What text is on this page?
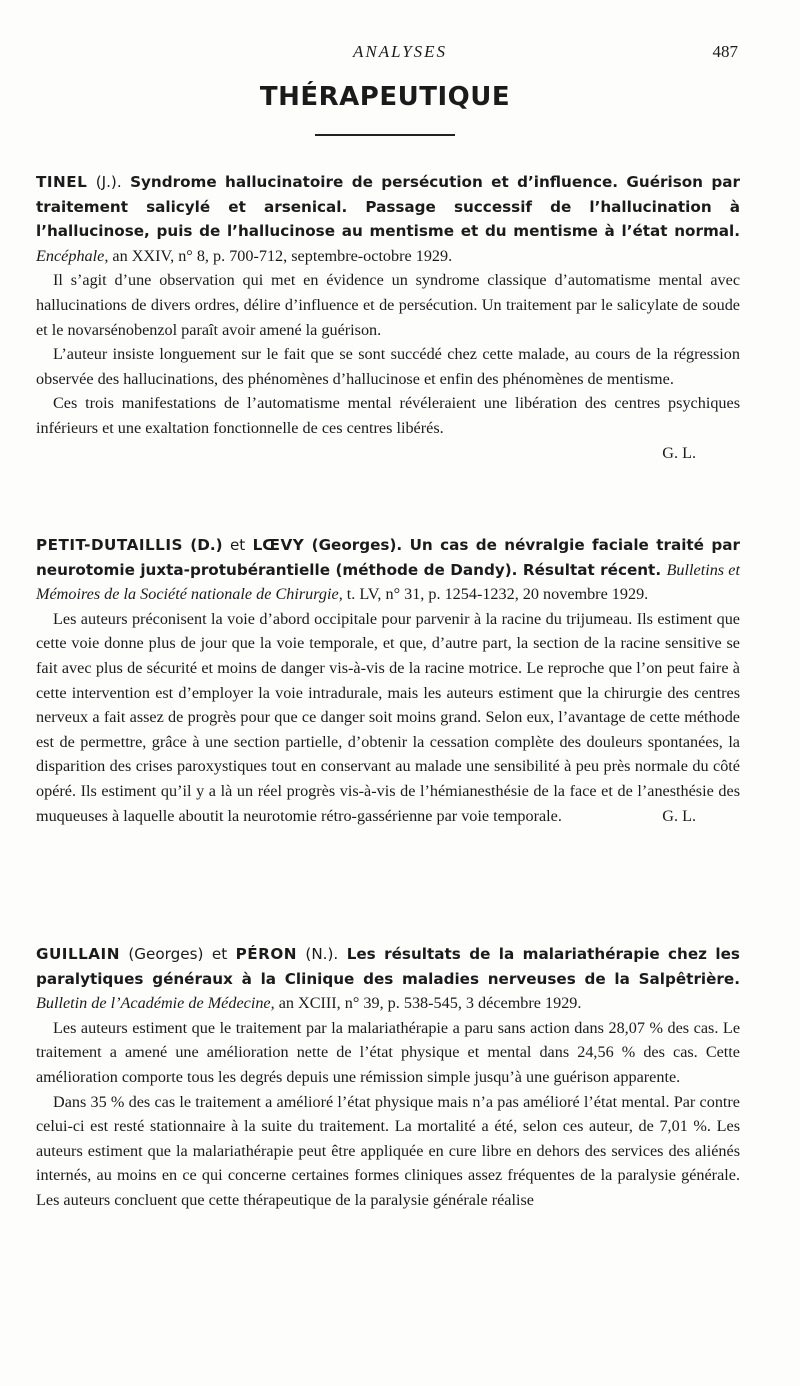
ANALYSES	487
THÉRAPEUTIQUE

TINEL (J.). Syndrome hallucinatoire de persécution et d’influence. Guérison par traitement salicylé et arsenical. Passage successif de l’hallucination à l’hallucinose, puis de l’hallucinose au mentisme et du mentisme à l’état normal. Encéphale, an XXIV, n° 8, p. 700-712, septembre-octobre 1929.

Il s’agit d’une observation qui met en évidence un syndrome classique d’automatisme mental avec hallucinations de divers ordres, délire d’influence et de persécution. Un traitement par le salicylate de soude et le novarsénobenzol paraît avoir amené la guérison.

L’auteur insiste longuement sur le fait que se sont succédé chez cette malade, au cours de la régression observée des hallucinations, des phénomènes d’hallucinose et enfin des phénomènes de mentisme.

Ces trois manifestations de l’automatisme mental révéleraient une libération des centres psychiques inférieurs et une exaltation fonctionnelle de ces centres libérés.

G. L.

PETIT-DUTAILLIS (D.) et LŒVY (Georges). Un cas de névralgie faciale traité par neurotomie juxta-protubérantielle (méthode de Dandy). Résultat récent. Bulletins et Mémoires de la Société nationale de Chirurgie, t. LV, n° 31, p. 1254-1232, 20 novembre 1929.

Les auteurs préconisent la voie d’abord occipitale pour parvenir à la racine du trijumeau. Ils estiment que cette voie donne plus de jour que la voie temporale, et que, d’autre part, la section de la racine sensitive se fait avec plus de sécurité et moins de danger vis-à-vis de la racine motrice. Le reproche que l’on peut faire à cette intervention est d’employer la voie intradurale, mais les auteurs estiment que la chirurgie des centres nerveux a fait assez de progrès pour que ce danger soit moins grand. Selon eux, l’avantage de cette méthode est de permettre, grâce à une section partielle, d’obtenir la cessation complète des douleurs spontanées, la disparition des crises paroxystiques tout en conservant au malade une sensibilité à peu près normale du côté opéré. Ils estiment qu’il y a là un réel progrès vis-à-vis de l’hémianesthésie de la face et de l’anesthésie des muqueuses à laquelle aboutit la neurotomie rétro-gassérienne par voie temporale.	G. L.

GUILLAIN (Georges) et PÉRON (N.). Les résultats de la malariathérapie chez les paralytiques généraux à la Clinique des maladies nerveuses de la Salpêtrière. Bulletin de l’Académie de Médecine, an XCIII, n° 39, p. 538-545, 3 décembre 1929.

Les auteurs estiment que le traitement par la malariathérapie a paru sans action dans 28,07 % des cas. Le traitement a amené une amélioration nette de l’état physique et mental dans 24,56 % des cas. Cette amélioration comporte tous les degrés depuis une rémission simple jusqu’à une guérison apparente.

Dans 35 % des cas le traitement a amélioré l’état physique mais n’a pas amélioré l’état mental. Par contre celui-ci est resté stationnaire à la suite du traitement. La mortalité a été, selon ces auteur, de 7,01 %. Les auteurs estiment que la malariathérapie peut être appliquée en cure libre en dehors des services des aliénés internés, au moins en ce qui concerne certaines formes cliniques assez fréquentes de la paralysie générale. Les auteurs concluent que cette thérapeutique de la paralysie générale réalise
